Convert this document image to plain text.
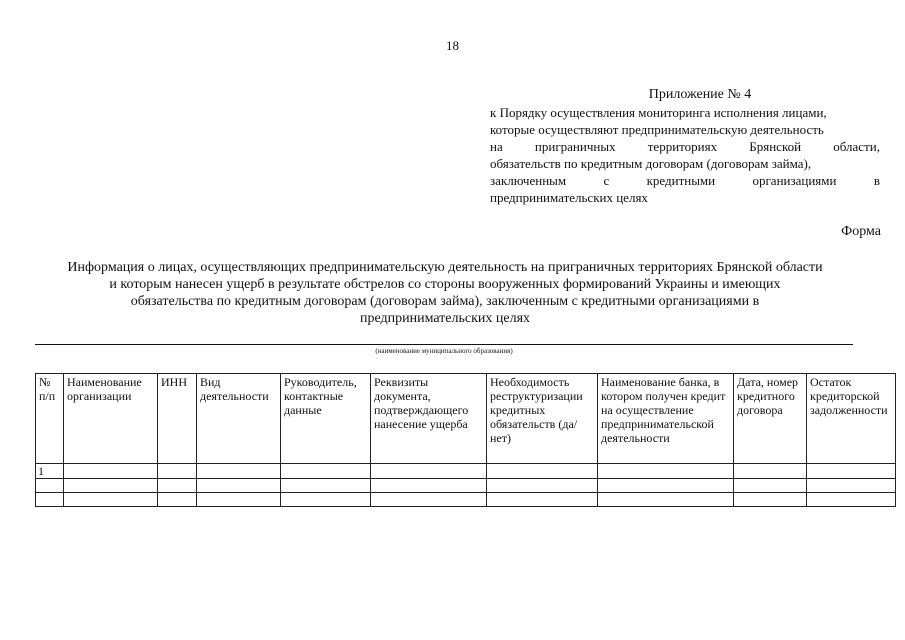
18
Приложение № 4
к Порядку осуществления мониторинга исполнения лицами,
которые осуществляют предпринимательскую деятельность
на приграничных территориях Брянской области,
обязательств по кредитным договорам (договорам займа),
заключенным	с	кредитными	организациями	в
предпринимательских целях
Форма
Информация о лицах, осуществляющих предпринимательскую деятельность на приграничных территориях Брянской области
и которым нанесен ущерб в результате обстрелов со стороны вооруженных формирований Украины и имеющих
обязательства по кредитным договорам (договорам займа), заключенным с кредитными организациями в
предпринимательских целях
(наименование муниципального образования)
№ п/п	Наименование организации	ИНН	Вид деятельности	Руководитель, контактные данные	Реквизиты документа, подтверждающего нанесение ущерба	Необходимость реструктуризации кредитных обязательств (да/нет)	Наименование банка, в котором получен кредит на осуществление предпринимательской деятельности	Дата, номер кредитного договора	Остаток кредиторской задолженности
1									
